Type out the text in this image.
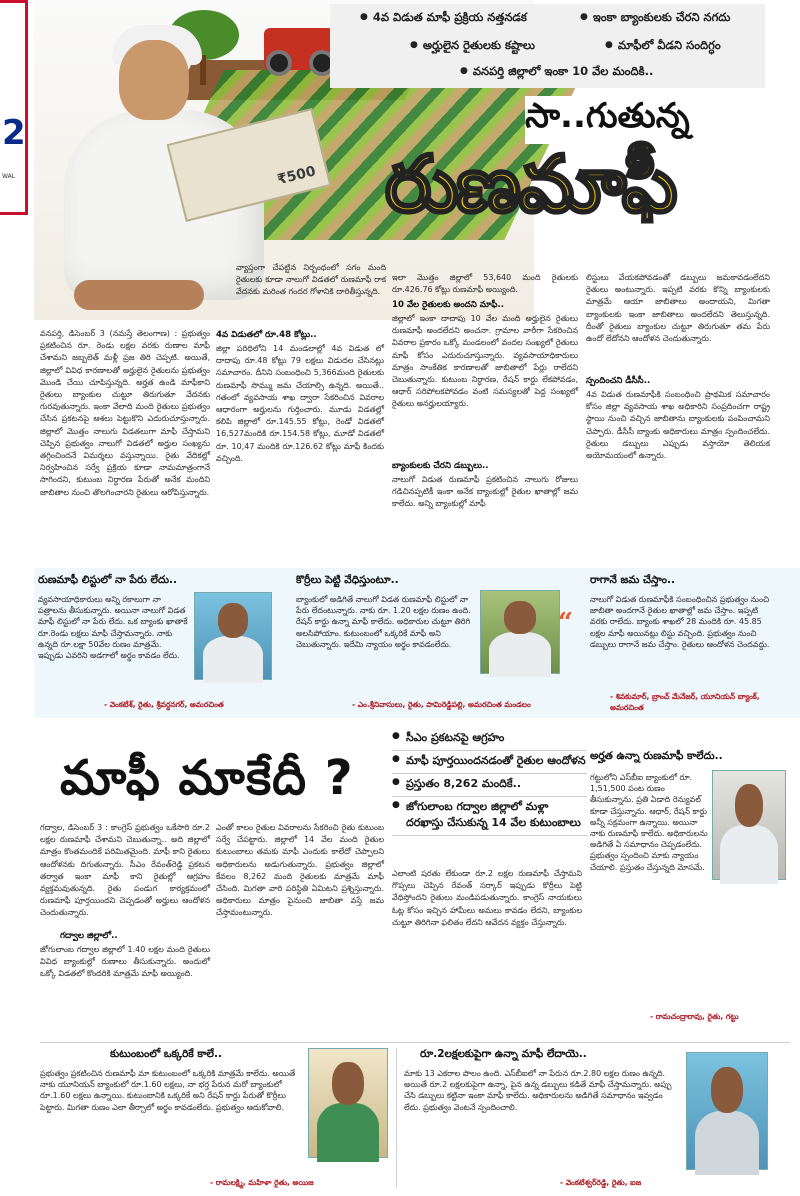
2
WAL	₹500
● 4వ విడుత మాఫీ ప్రక్రియ నత్తనడక	● ఇంకా బ్యాంకులకు చేరని నగదు
● అర్హులైన రైతులకు కష్టాలు	● మాఫీలో వీడని సందిగ్ధం
● వనపర్తి జిల్లాలో ఇంకా 10 వేల మందికి..
సా..గుతున్న
రుణమాఫీ
వ్యాప్తంగా చేపట్టిన నిర్బంధంలో సగం మంది రైతులకు కూడా నాలుగో విడతలో రుణమాఫీ రాక వేదనకు మరింత గందర గోళానికి దారితీస్తున్నది.
వనపర్తి, డిసెంబర్ 3 (నమస్తే తెలంగాణ) : ప్రభుత్వం ప్రకటించిన రూ. రెండు లక్షల వరకు రుణాల మాఫీ చేశామని జబ్బలెత్ మళ్లీ ప్రజ తిరి చెప్పటి. అయితే, జిల్లాలో వివిధ కారణాలతో అర్హులైన రైతులను ప్రభుత్వం మొండి చేయి చూపిస్తున్నది. అర్హత ఉండి మాఫీకాని రైతులు బ్యాంకుల చుట్టూ తిరుగుతూ వేదనకు గురవుతున్నారు. ఇంకా వేలాది మంది రైతులు ప్రభుత్వం చేసిన ప్రకటనపై ఆశలు పెట్టుకొని ఎదురుచూస్తున్నారు. జిల్లాలో మొత్తం నాలుగు విడతలుగా మాఫీ చేస్తామని చెప్పిన ప్రభుత్వం నాలుగో విడతలో అర్హుల సంఖ్యను తగ్గించిందనే విమర్శలు వస్తున్నాయి. రైతు వేదికల్లో నిర్వహించిన సర్వే ప్రక్రియ కూడా నామమాత్రంగానే సాగిందని, కుటుంబ నిర్ధారణ పేరుతో అనేక మందిని జాబితాల నుంచి తొలగించారని రైతులు ఆరోపిస్తున్నారు.
4వ విడుతలో రూ.48 కోట్లు..
జిల్లా పరిధిలోని 14 మండలాల్లో 4వ విడుత లో దాదాపు రూ.48 కోట్లు 79 లక్షలు విడుదల చేసినట్లు సమాచారం. దీనిని సంబంధించి 5,366మంది రైతులకు రుణమాఫీ సొమ్ము జమ చేయాల్సి ఉన్నది. అయితే.. గతంలో వ్యవసాయ శాఖ ద్వారా సేకరించిన వివరాల ఆధారంగా అర్హులను గుర్తించారు. మూడు విడతల్లో కలిపి జిల్లాలో రూ.145.55 కోట్లు, రెండో విడతలో 16,527మందికి రూ.154.58 కోట్లు, మూడో విడతలో రూ. 10,47 మందికి రూ.126.62 కోట్లు మాఫీ కిందకు వచ్చింది.
ఇలా మొత్తం జిల్లాలో 53,640 మంది రైతులకు రూ.426.76 కోట్లు రుణమాఫీ అయ్యింది.
10 వేల రైతులకు అందని మాఫీ..
జిల్లాలో ఇంకా దాదాపు 10 వేల మంది అర్హులైన రైతులు రుణమాఫీ అందలేదని అంచనా. గ్రామాల వారీగా సేకరించిన వివరాల ప్రకారం ఒక్కో మండలంలో వందల సంఖ్యలో రైతులు మాఫీ కోసం ఎదురుచూస్తున్నారు. వ్యవసాయాధికారులు మాత్రం సాంకేతిక కారణాలతో జాబితాలో పేర్లు రాలేదని చెబుతున్నారు. కుటుంబ నిర్ధారణ, రేషన్ కార్డు లేకపోవడం, ఆధార్ సరిపోలకపోవడం వంటి సమస్యలతో పెద్ద సంఖ్యలో రైతులు అనర్హులయ్యారు.
బ్యాంకులకు చేరని డబ్బులు..
నాలుగో విడుత రుణమాఫీ ప్రకటించిన నాలుగు రోజులు గడిచినప్పటికీ ఇంకా అనేక బ్యాంకుల్లో రైతుల ఖాతాల్లో జమ కాలేదు. అన్ని బ్యాంకుల్లో మాఫీ
లిస్టులు వేయకపోవడంతో డబ్బులు జమకావడంలేదని రైతులు అంటున్నారు. ఇప్పటి వరకు కొన్ని బ్యాంకులకు మాత్రమే ఆయా జాబితాలు అందాయని, మిగతా బ్యాంకులకు ఇంకా జాబితాలు అందలేదని తెలుస్తున్నది. దీంతో రైతులు బ్యాంకుల చుట్టూ తిరుగుతూ తమ పేరు ఉందో లేదోనని ఆందోళన చెందుతున్నారు.
స్పందించని డీసీసీ..
4వ విడుత రుణమాఫీకి సంబంధించి ప్రాథమిక సమాచారం కోసం జిల్లా వ్యవసాయ శాఖ అధికారిని సంప్రదించగా రాష్ట్ర స్థాయి నుంచి వచ్చిన జాబితాను బ్యాంకులకు పంపించామని చెప్పారు. డీసీసీ బ్యాంకు అధికారులు మాత్రం స్పందించలేదు. రైతులు డబ్బులు ఎప్పుడు వస్తాయో తెలియక అయోమయంలో ఉన్నారు.
రుణమాఫీ లిస్టులో నా పేరు లేదు..
వ్యవసాయాధికారులు అన్ని రకాలుగా నా పత్రాలను తీసుకున్నారు. అయినా నాలుగో విడత మాఫీ లిస్టులో నా పేరు లేదు. ఒక బ్యాంకు ఖాతాకే రూ.రెండు లక్షలు మాఫీ చేస్తామన్నారు. నాకు ఉన్నది రూ.లక్షా 50వేల రుణం మాత్రమే. ఇప్పుడు ఎవరిని అడగాలో అర్థం కావడం లేదు.
- వెంకటేశ్, రైతు, శ్రీవర్ధనగర్, అమరచింత
కొర్రీలు పెట్టి వేధిస్తుంటూ..
బ్యాంకులో అడిగితే నాలుగో విడత రుణమాఫీ లిస్టులో నా పేరు లేదంటున్నారు. నాకు రూ. 1.20 లక్షల రుణం ఉంది. రేషన్ కార్డు ఉన్నా మాఫీ కాలేదు. అధికారుల చుట్టూ తిరిగి అలసిపోయాం. కుటుంబంలో ఒక్కరికే మాఫీ అని చెబుతున్నారు. ఇదేమి న్యాయం అర్థం కావడంలేదు.
“
- ఎం.శ్రీనివాసులు, రైతు, పామిరెడ్డిపల్లి, అమరచింత మండలం
రాగానే జమ చేస్తాం..
నాలుగో విడుత రుణమాఫీకి సంబంధించిన ప్రభుత్వం నుంచి జాబితా అందగానే రైతుల ఖాతాల్లో జమ చేస్తాం. ఇప్పటి వరకు రాలేదు. బ్యాంకు శాఖలో 28 మందికి రూ. 45.85 లక్షల మాఫీ అయినట్లు లిస్టు వచ్చింది. ప్రభుత్వం నుంచి డబ్బులు రాగానే జమ చేస్తాం. రైతులు ఆందోళన చెందవద్దు.
- శివకుమార్, బ్రాంచ్ మేనేజర్, యూనియన్ బ్యాంక్, అమరచింత
మాఫీ మాకేదీ ?
● సీఎం ప్రకటనపై ఆగ్రహం
● మాఫీ పూర్తయిందనడంతో రైతుల ఆందోళన
● ప్రస్తుతం 8,262 మందికే..
● జోగులాంబ గద్వాల జిల్లాలో మళ్లా దరఖాస్తు చేసుకున్న 14 వేల కుటుంబాలు
గద్వాల, డిసెంబర్ 3 : కాంగ్రెస్ ప్రభుత్వం ఒకేసారి రూ.2 లక్షల రుణమాఫీ చేశామని చెబుతున్నా.. అది జిల్లాలో మాత్రం కొంతమందికే పరిమితమైంది. మాఫీ కాని రైతులు ఆందోళనకు దిగుతున్నారు. సీఎం రేవంత్‌రెడ్డి ప్రకటన తర్వాత ఇంకా మాఫీ కాని రైతుల్లో ఆగ్రహం వ్యక్తమవుతున్నది. రైతు పండుగ కార్యక్రమంలో రుణమాఫీ పూర్తయిందని చెప్పడంతో అర్హులు ఆందోళన చెందుతున్నారు.
గద్వాల జిల్లాలో..
జోగులాంబ గద్వాల జిల్లాలో 1.40 లక్షల మంది రైతులు వివిధ బ్యాంకుల్లో రుణాలు తీసుకున్నారు. అందులో ఒక్కో విడతలో కొందరికి మాత్రమే మాఫీ అయ్యింది.
ఎంతో కాలం రైతుల వివరాలను సేకరించి రైతు కుటుంబ సర్వే చేపట్టారు. జిల్లాలో 14 వేల మంది రైతుల కుటుంబాలు తమకు మాఫీ ఎందుకు కాలేదో చెప్పాలని అధికారులను అడుగుతున్నారు. ప్రభుత్వం జిల్లాలో కేవలం 8,262 మంది రైతులకు మాత్రమే మాఫీ చేసింది. మిగతా వారి పరిస్థితి ఏమిటని ప్రశ్నిస్తున్నారు. అధికారులు మాత్రం పైనుంచి జాబితా వస్తే జమ చేస్తామంటున్నారు.
ఎలాంటి షరతు లేకుండా రూ.2 లక్షల రుణమాఫీ చేస్తామని గొప్పలు చెప్పిన రేవంత్ సర్కార్ ఇప్పుడు కొర్రీలు పెట్టి వేధిస్తోందని రైతులు మండిపడుతున్నారు. కాంగ్రెస్ నాయకులు ఓట్ల కోసం ఇచ్చిన హామీలు అమలు కావడం లేదని, బ్యాంకుల చుట్టూ తిరిగినా ఫలితం లేదని ఆవేదన వ్యక్తం చేస్తున్నారు.
అర్హత ఉన్నా రుణమాఫీ కాలేదు..
గట్టులోని ఎస్‌బీఐ బ్యాంకులో రూ. 1,51,500 పంట రుణం తీసుకున్నాను. ప్రతి ఏడాది రెన్యువల్ కూడా చేస్తున్నాను. ఆధార్, రేషన్ కార్డు అన్నీ సక్రమంగా ఉన్నాయి. అయినా నాకు రుణమాఫీ కాలేదు. అధికారులను అడిగితే ఏ సమాధానం చెప్పడంలేదు. ప్రభుత్వం స్పందించి మాకు న్యాయం చేయాలి. ప్రస్తుతం చేస్తున్నది మోసమే.
- రామచంద్రారావు, రైతు, గట్టు
కుటుంబంలో ఒక్కరికే కాలే..
ప్రభుత్వం ప్రకటించిన రుణమాఫీ మా కుటుంబంలో ఒక్కరికి మాత్రమే కాలేదు. అయితే నాకు యూనియన్ బ్యాంకులో రూ.1.60 లక్షలు, నా భర్త పేరున మరో బ్యాంకులో రూ.1.60 లక్షలు ఉన్నాయి. కుటుంబానికి ఒక్కరికే అని రేషన్ కార్డు పేరుతో కొర్రీలు పెట్టారు. మిగతా రుణం ఎలా తీర్చాలో అర్థం కావడంలేదు. ప్రభుత్వం ఆదుకోవాలి.
- రామలక్ష్మి, మహిళా రైతు, అయిజ
రూ.2లక్షలకుపైగా ఉన్నా మాఫీ లేదాయె..
మాకు 13 ఎకరాల పొలం ఉంది. ఎస్‌బీఐలో నా పేరున రూ.2.80 లక్షల రుణం ఉన్నది. అయితే రూ.2 లక్షలకుపైగా ఉన్నా, పైన ఉన్న డబ్బులు కడితే మాఫీ చేస్తామన్నారు. అప్పు చేసి డబ్బులు కట్టినా ఇంకా మాఫీ కాలేదు. అధికారులను అడిగితే సమాధానం ఇవ్వడం లేదు. ప్రభుత్వం వెంటనే స్పందించాలి.
- వెంకటేశ్వర్‌రెడ్డి, రైతు, ఐజ
